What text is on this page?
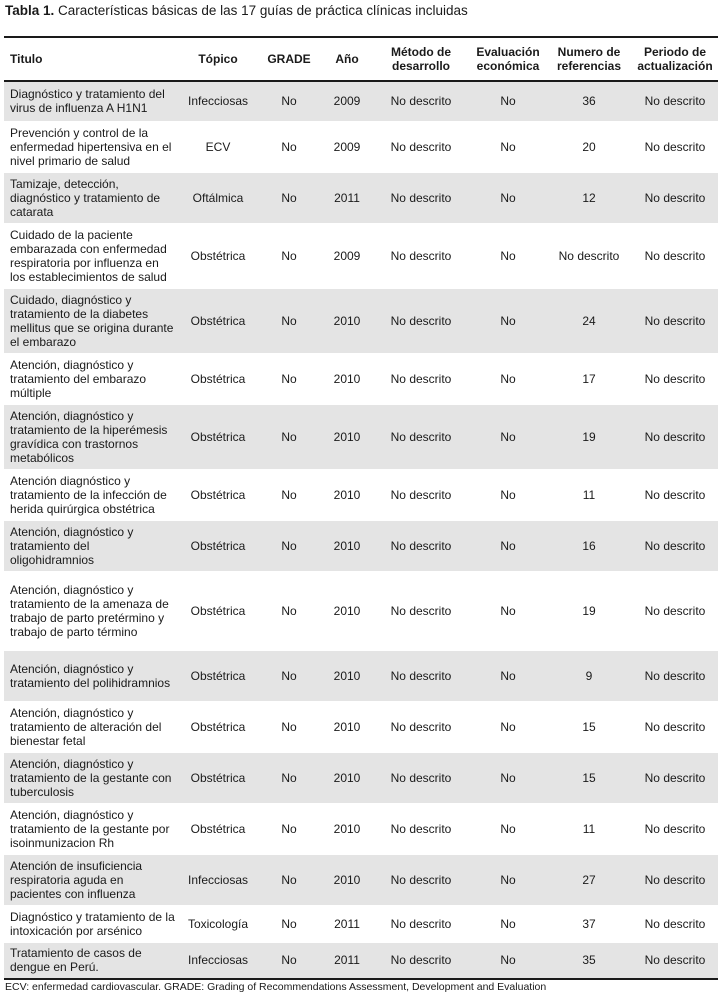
Tabla 1. Características básicas de las 17 guías de práctica clínicas incluidas
Titulo	Tópico	GRADE	Año	Método de desarrollo	Evaluación económica	Numero de referencias	Periodo de actualización
Diagnóstico y tratamiento del virus de influenza A H1N1	Infecciosas	No	2009	No descrito	No	36	No descrito
Prevención y control de la enfermedad hipertensiva en el nivel primario de salud	ECV	No	2009	No descrito	No	20	No descrito
Tamizaje, detección, diagnóstico y tratamiento de catarata	Oftálmica	No	2011	No descrito	No	12	No descrito
Cuidado de la paciente embarazada con enfermedad respiratoria por influenza en los establecimientos de salud	Obstétrica	No	2009	No descrito	No	No descrito	No descrito
Cuidado, diagnóstico y tratamiento de la diabetes mellitus que se origina durante el embarazo	Obstétrica	No	2010	No descrito	No	24	No descrito
Atención, diagnóstico y tratamiento del embarazo múltiple	Obstétrica	No	2010	No descrito	No	17	No descrito
Atención, diagnóstico y tratamiento de la hiperémesis gravídica con trastornos metabólicos	Obstétrica	No	2010	No descrito	No	19	No descrito
Atención diagnóstico y tratamiento de la infección de herida quirúrgica obstétrica	Obstétrica	No	2010	No descrito	No	11	No descrito
Atención, diagnóstico y tratamiento del oligohidramnios	Obstétrica	No	2010	No descrito	No	16	No descrito
Atención, diagnóstico y tratamiento de la amenaza de trabajo de parto pretérmino y trabajo de parto término	Obstétrica	No	2010	No descrito	No	19	No descrito
Atención, diagnóstico y tratamiento del polihidramnios	Obstétrica	No	2010	No descrito	No	9	No descrito
Atención, diagnóstico y tratamiento de alteración del bienestar fetal	Obstétrica	No	2010	No descrito	No	15	No descrito
Atención, diagnóstico y tratamiento de la gestante con tuberculosis	Obstétrica	No	2010	No descrito	No	15	No descrito
Atención, diagnóstico y tratamiento de la gestante por isoinmunizacion Rh	Obstétrica	No	2010	No descrito	No	11	No descrito
Atención de insuficiencia respiratoria aguda en pacientes con influenza	Infecciosas	No	2010	No descrito	No	27	No descrito
Diagnóstico y tratamiento de la intoxicación por arsénico	Toxicología	No	2011	No descrito	No	37	No descrito
Tratamiento de casos de dengue en Perú.	Infecciosas	No	2011	No descrito	No	35	No descrito
ECV: enfermedad cardiovascular. GRADE: Grading of Recommendations Assessment, Development and Evaluation
